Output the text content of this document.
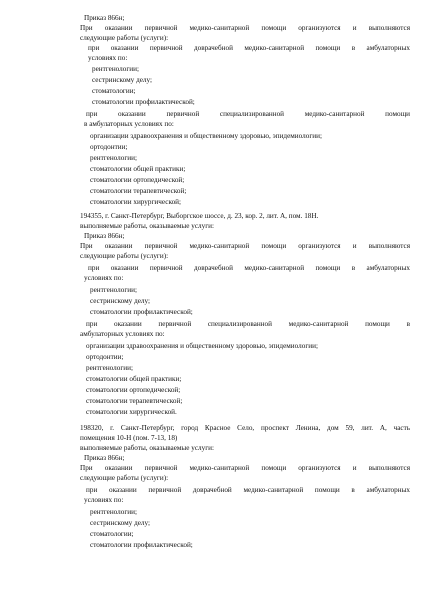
Приказ 866н;
При оказании первичной медико-санитарной помощи организуются и выполняются
следующие работы (услуги):
при оказании первичной доврачебной медико-санитарной помощи в амбулаторных
условиях по:
рентгенологии;
сестринскому делу;
стоматологии;
стоматологии профилактической;
при оказании первичной специализированной медико-санитарной помощи
в амбулаторных условиях по:
организации здравоохранения и общественному здоровью, эпидемиологии;
ортодонтии;
рентгенологии;
стоматологии общей практики;
стоматологии ортопедической;
стоматологии терапевтической;
стоматологии хирургической;
194355, г. Санкт-Петербург, Выборгское шоссе, д. 23, кор. 2, лит. А, пом. 18Н.
выполняемые работы, оказываемые услуги:
Приказ 866н;
При оказании первичной медико-санитарной помощи организуются и выполняются
следующие работы (услуги):
при оказании первичной доврачебной медико-санитарной помощи в амбулаторных
условиях по:
рентгенологии;
сестринскому делу;
стоматологии профилактической;
при оказании первичной специализированной медико-санитарной помощи в
амбулаторных условиях по:
организации здравоохранения и общественному здоровью, эпидемиологии;
ортодонтии;
рентгенологии;
стоматологии общей практики;
стоматологии ортопедической;
стоматологии терапевтической;
стоматологии хирургической.
198320, г. Санкт-Петербург, город Красное Село, проспект Ленина, дом 59, лит. А, часть
помещения 10-Н (пом. 7-13, 18)
выполняемые работы, оказываемые услуги:
Приказ 866н;
При оказании первичной медико-санитарной помощи организуются и выполняются
следующие работы (услуги):
при оказании первичной доврачебной медико-санитарной помощи в амбулаторных
условиях по:
рентгенологии;
сестринскому делу;
стоматологии;
стоматологии профилактической;
